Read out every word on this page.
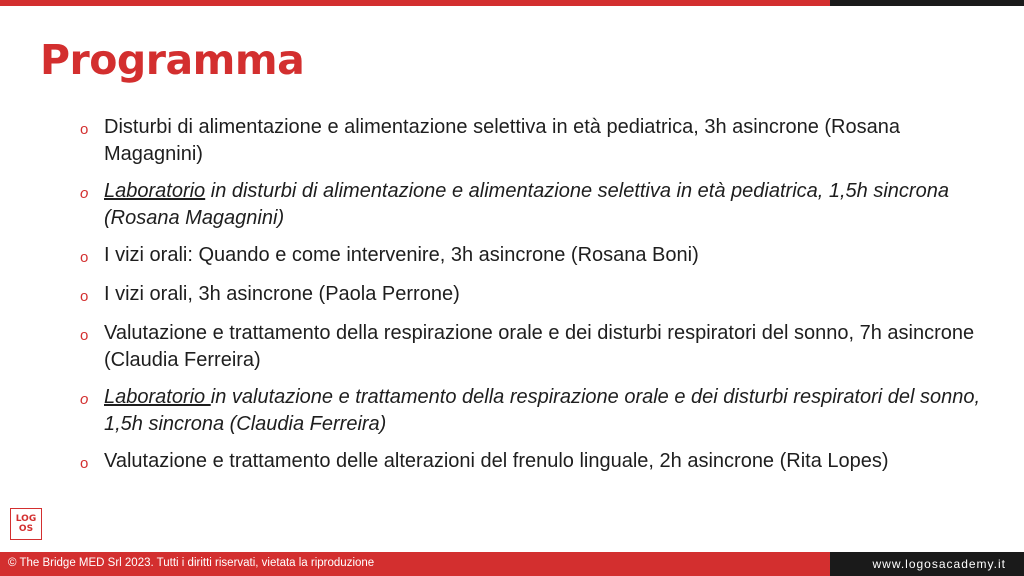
Programma
o Disturbi di alimentazione e alimentazione selettiva in età pediatrica, 3h asincrone (Rosana Magagnini)
o Laboratorio in disturbi di alimentazione e alimentazione selettiva in età pediatrica, 1,5h sincrona (Rosana Magagnini)
o I vizi orali: Quando e come intervenire, 3h asincrone (Rosana Boni)
o I vizi orali, 3h asincrone (Paola Perrone)
o Valutazione e trattamento della respirazione orale e dei disturbi respiratori del sonno, 7h asincrone (Claudia Ferreira)
o Laboratorio in valutazione e trattamento della respirazione orale e dei disturbi respiratori del sonno, 1,5h sincrona (Claudia Ferreira)
o Valutazione e trattamento delle alterazioni del frenulo linguale, 2h asincrone (Rita Lopes)
LOG
OS
© The Bridge MED Srl 2023. Tutti i diritti riservati, vietata la riproduzione	www.logosacademy.it
